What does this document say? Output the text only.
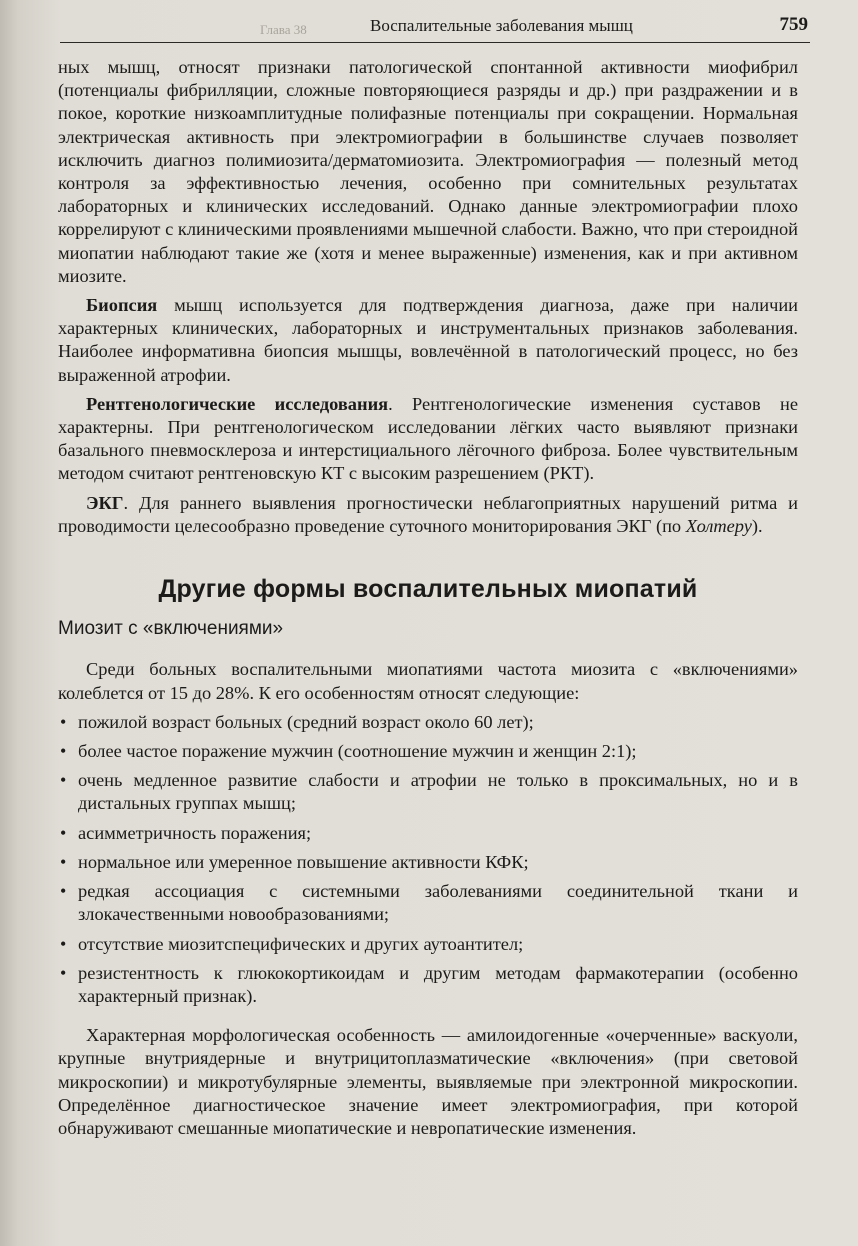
Глава 38	Воспалительные заболевания мышц	759

ных мышц, относят признаки патологической спонтанной активности миофибрил (потенциалы фибрилляции, сложные повторяющиеся разряды и др.) при раздражении и в покое, короткие низкоамплитудные полифазные потенциалы при сокращении. Нормальная электрическая активность при электромиографии в большинстве случаев позволяет исключить диагноз полимиозита/дерматомиозита. Электромиография — полезный метод контроля за эффективностью лечения, особенно при сомнительных результатах лабораторных и клинических исследований. Однако данные электромиографии плохо коррелируют с клиническими проявлениями мышечной слабости. Важно, что при стероидной миопатии наблюдают такие же (хотя и менее выраженные) изменения, как и при активном миозите.

Биопсия мышц используется для подтверждения диагноза, даже при наличии характерных клинических, лабораторных и инструментальных признаков заболевания. Наиболее информативна биопсия мышцы, вовлечённой в патологический процесс, но без выраженной атрофии.

Рентгенологические исследования. Рентгенологические изменения суставов не характерны. При рентгенологическом исследовании лёгких часто выявляют признаки базального пневмосклероза и интерстициального лёгочного фиброза. Более чувствительным методом считают рентгеновскую КТ с высоким разрешением (РКТ).

ЭКГ. Для раннего выявления прогностически неблагоприятных нарушений ритма и проводимости целесообразно проведение суточного мониторирования ЭКГ (по Холтеру).

Другие формы воспалительных миопатий
Миозит с «включениями»

Среди больных воспалительными миопатиями частота миозита с «включениями» колеблется от 15 до 28%. К его особенностям относят следующие:

• пожилой возраст больных (средний возраст около 60 лет);
• более частое поражение мужчин (соотношение мужчин и женщин 2:1);
• очень медленное развитие слабости и атрофии не только в проксимальных, но и в дистальных группах мышц;
• асимметричность поражения;
• нормальное или умеренное повышение активности КФК;
• редкая ассоциация с системными заболеваниями соединительной ткани и злокачественными новообразованиями;
• отсутствие миозитспецифических и других аутоантител;
• резистентность к глюкокортикоидам и другим методам фармакотерапии (особенно характерный признак).

Характерная морфологическая особенность — амилоидогенные «очерченные» васкуоли, крупные внутриядерные и внутрицитоплазматические «включения» (при световой микроскопии) и микротубулярные элементы, выявляемые при электронной микроскопии. Определённое диагностическое значение имеет электромиография, при которой обнаруживают смешанные миопатические и невропатические изменения.
